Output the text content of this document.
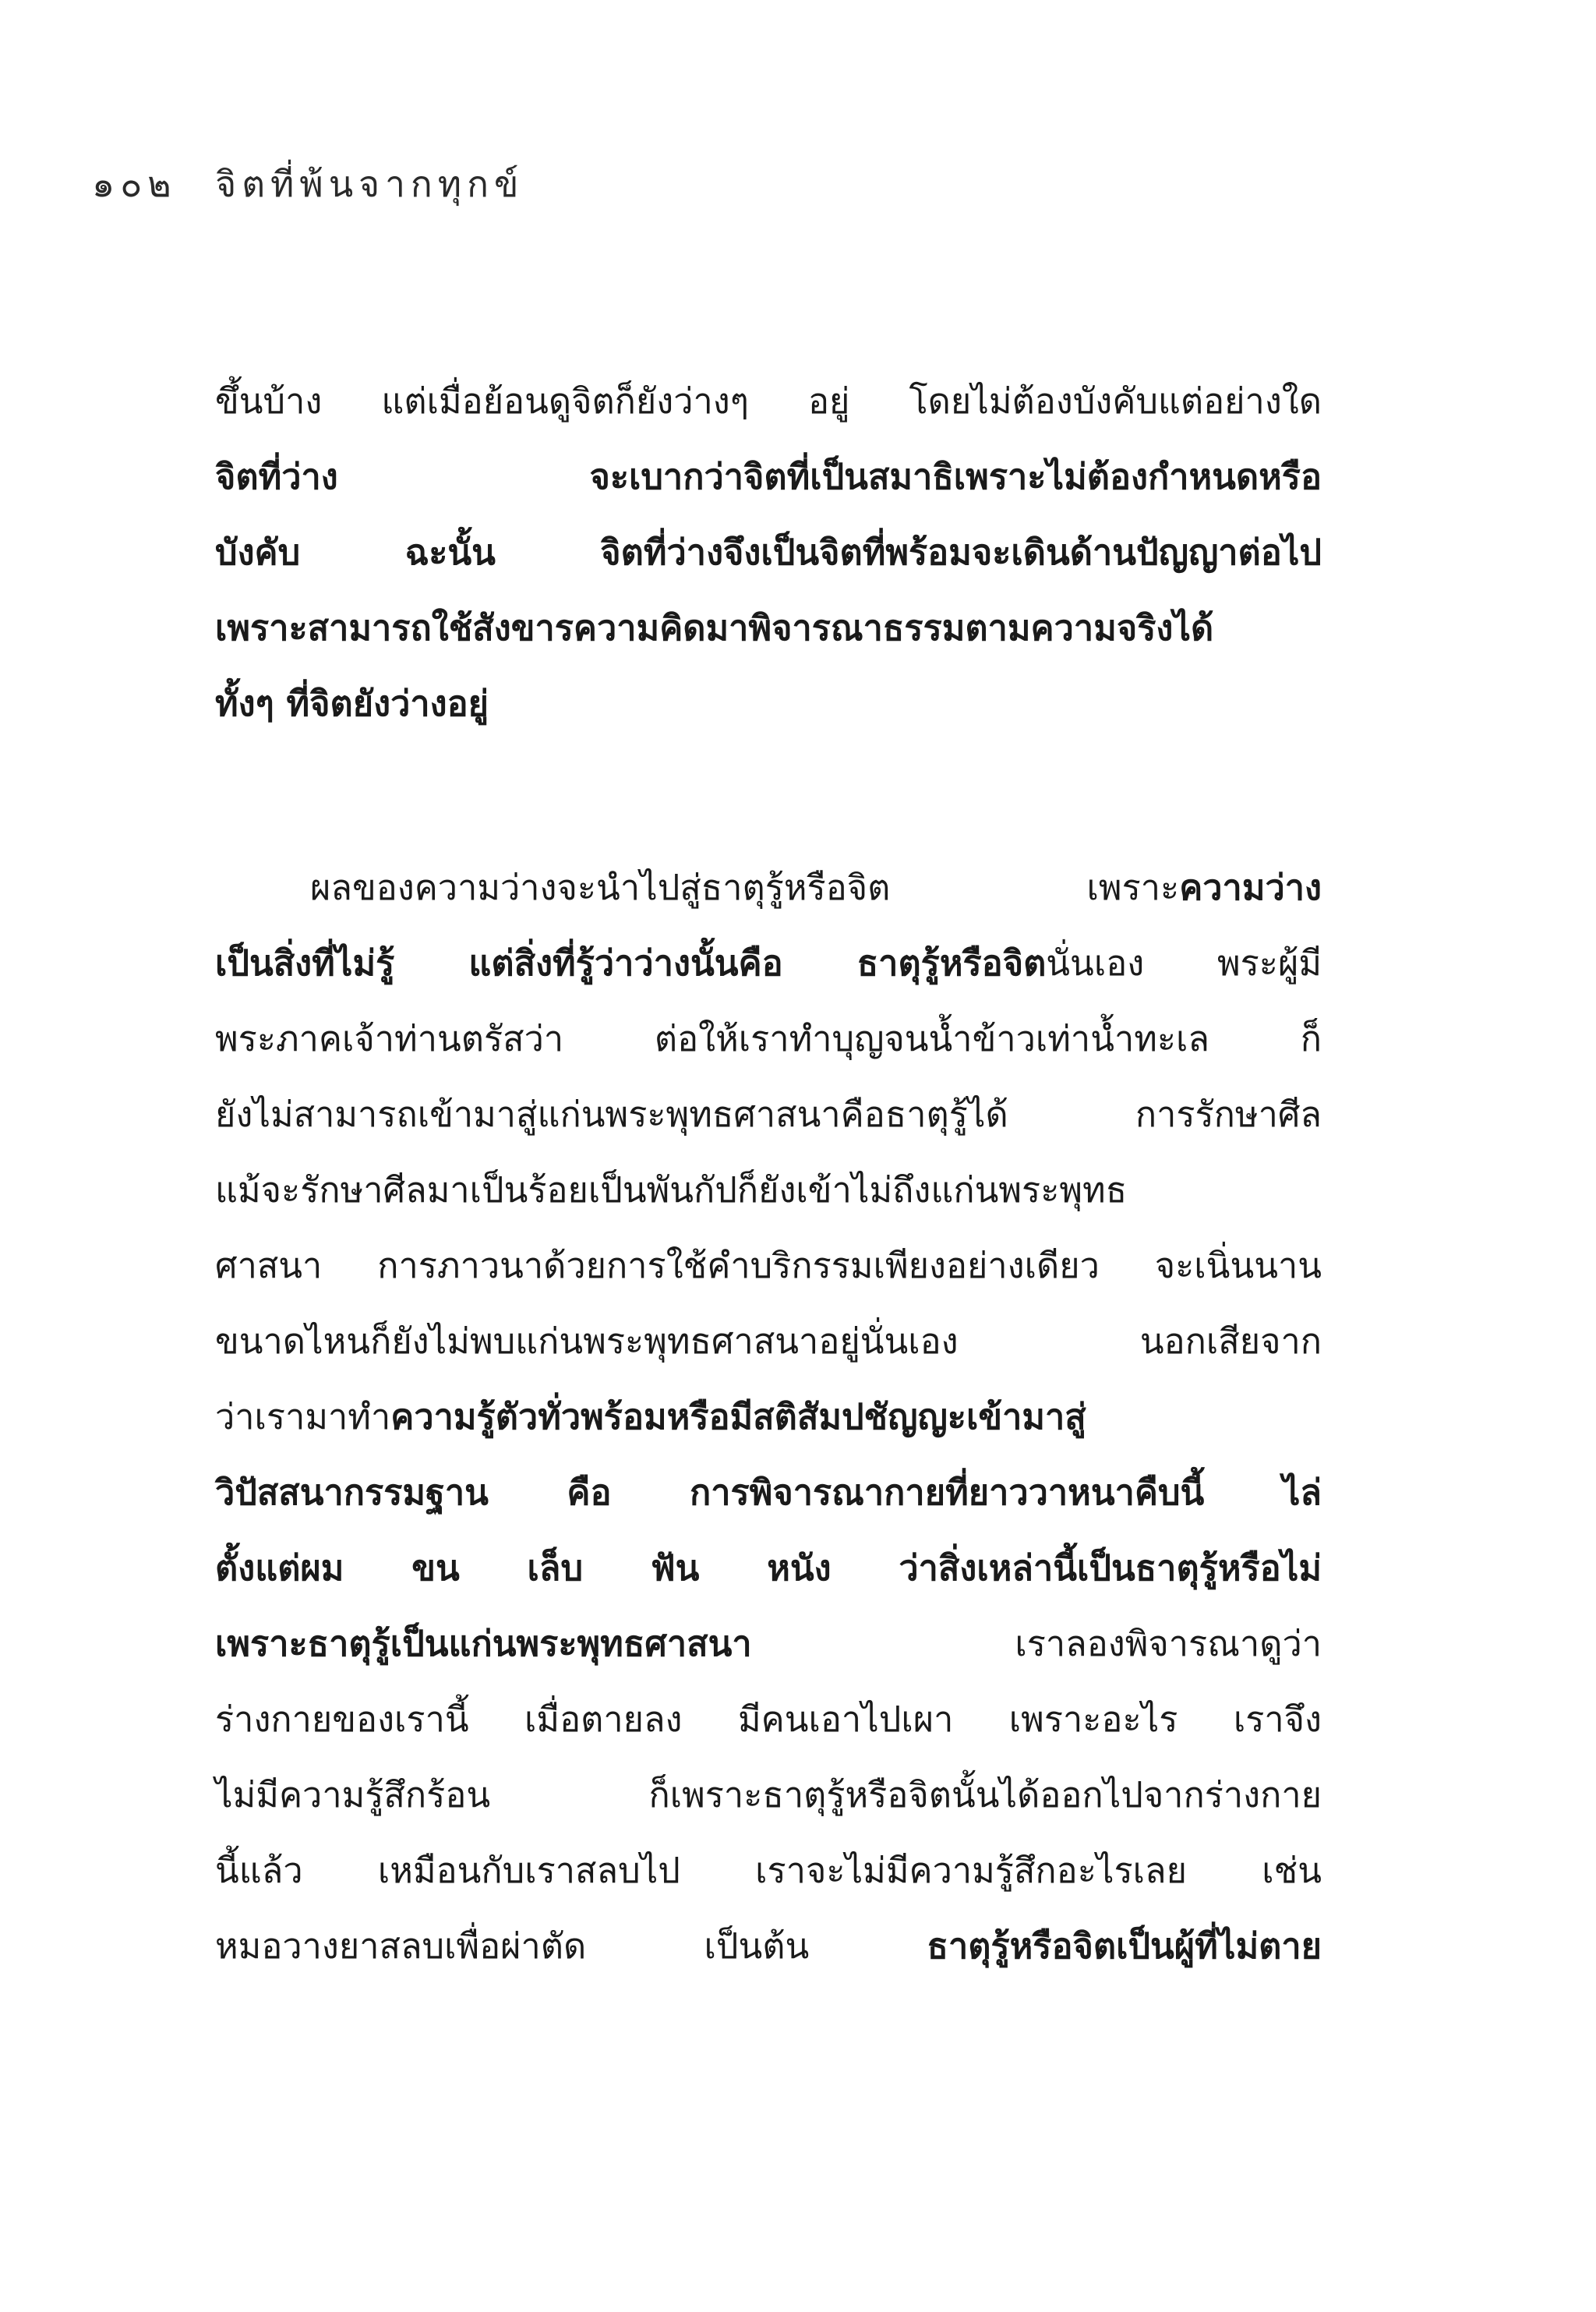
๑๐๒ จิตที่พ้นจากทุกข์
ขึ้นบ้าง แต่เมื่อย้อนดูจิตก็ยังว่างๆ อยู่ โดยไม่ต้องบังคับแต่อย่างใด
จิตที่ว่าง จะเบากว่าจิตที่เป็นสมาธิเพราะไม่ต้องกำหนดหรือ
บังคับ ฉะนั้น จิตที่ว่างจึงเป็นจิตที่พร้อมจะเดินด้านปัญญาต่อไป
เพราะสามารถใช้สังขารความคิดมาพิจารณาธรรมตามความจริงได้
ทั้งๆ ที่จิตยังว่างอยู่
ผลของความว่างจะนำไปสู่ธาตุรู้หรือจิต เพราะความว่าง
เป็นสิ่งที่ไม่รู้ แต่สิ่งที่รู้ว่าว่างนั้นคือ ธาตุรู้หรือจิตนั่นเอง พระผู้มี
พระภาคเจ้าท่านตรัสว่า ต่อให้เราทำบุญจนน้ำข้าวเท่าน้ำทะเล ก็
ยังไม่สามารถเข้ามาสู่แก่นพระพุทธศาสนาคือธาตุรู้ได้ การรักษาศีล
แม้จะรักษาศีลมาเป็นร้อยเป็นพันกัปก็ยังเข้าไม่ถึงแก่นพระพุทธ
ศาสนา การภาวนาด้วยการใช้คำบริกรรมเพียงอย่างเดียว จะเนิ่นนาน
ขนาดไหนก็ยังไม่พบแก่นพระพุทธศาสนาอยู่นั่นเอง นอกเสียจาก
ว่าเรามาทำความรู้ตัวทั่วพร้อมหรือมีสติสัมปชัญญะเข้ามาสู่
วิปัสสนากรรมฐาน คือ การพิจารณากายที่ยาววาหนาคืบนี้ ไล่
ตั้งแต่ผม ขน เล็บ ฟัน หนัง ว่าสิ่งเหล่านี้เป็นธาตุรู้หรือไม่
เพราะธาตุรู้เป็นแก่นพระพุทธศาสนา เราลองพิจารณาดูว่า
ร่างกายของเรานี้ เมื่อตายลง มีคนเอาไปเผา เพราะอะไร เราจึง
ไม่มีความรู้สึกร้อน ก็เพราะธาตุรู้หรือจิตนั้นได้ออกไปจากร่างกาย
นี้แล้ว เหมือนกับเราสลบไป เราจะไม่มีความรู้สึกอะไรเลย เช่น
หมอวางยาสลบเพื่อผ่าตัด เป็นต้น ธาตุรู้หรือจิตเป็นผู้ที่ไม่ตาย
